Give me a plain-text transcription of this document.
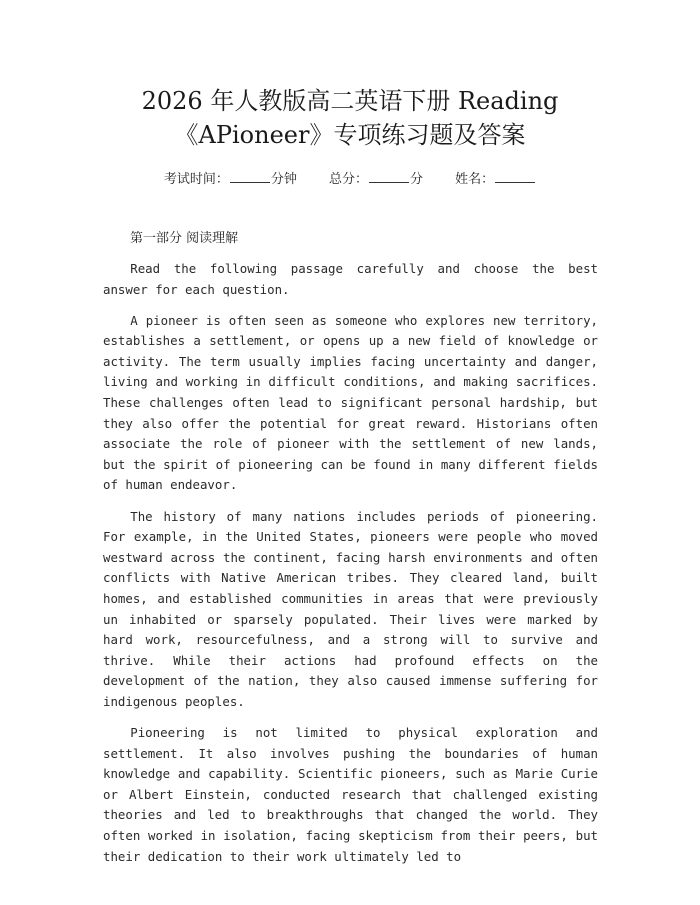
2026 年人教版高二英语下册 Reading
《APioneer》专项练习题及答案
考试时间：	分钟 总分：	分 姓名：
第一部分 阅读理解

Read the following passage carefully and choose the best answer for each question.

A pioneer is often seen as someone who explores new territory, establishes a settlement, or opens up a new field of knowledge or activity. The term usually implies facing uncertainty and danger, living and working in difficult conditions, and making sacrifices. These challenges often lead to significant personal hardship, but they also offer the potential for great reward. Historians often associate the role of pioneer with the settlement of new lands, but the spirit of pioneering can be found in many different fields of human endeavor.

The history of many nations includes periods of pioneering. For example, in the United States, pioneers were people who moved westward across the continent, facing harsh environments and often conflicts with Native American tribes. They cleared land, built homes, and established communities in areas that were previously un inhabited or sparsely populated. Their lives were marked by hard work, resourcefulness, and a strong will to survive and thrive. While their actions had profound effects on the development of the nation, they also caused immense suffering for indigenous peoples.

Pioneering is not limited to physical exploration and settlement. It also involves pushing the boundaries of human knowledge and capability. Scientific pioneers, such as Marie Curie or Albert Einstein, conducted research that challenged existing theories and led to breakthroughs that changed the world. They often worked in isolation, facing skepticism from their peers, but their dedication to their work ultimately led to
